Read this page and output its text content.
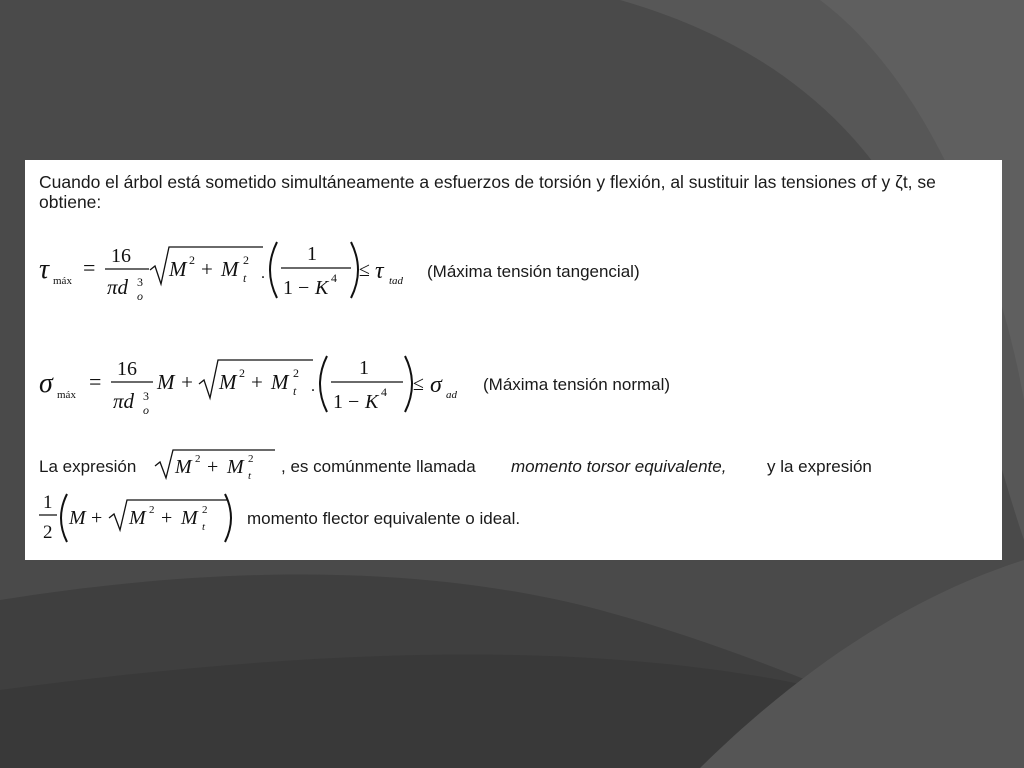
Cuando el árbol está sometido simultáneamente a esfuerzos de torsión y flexión, al sustituir las tensiones σf y ζt, se obtiene:

τ máx
= 16
πd 3
o
M 2 + M 2
t .
1
1 − K 4 ≤ τ tad (Máxima tensión tangencial)
σ máx
= 16
πd 3
o
M + M 2 + M 2
t .
1
1 − K 4 ≤ σ ad
(Máxima tensión normal)
La expresión M 2 + M 2
t , es comúnmente llamada momento torsor equivalente, y la expresión
1
2
M + M 2 + M 2
t momento flector equivalente o ideal.
